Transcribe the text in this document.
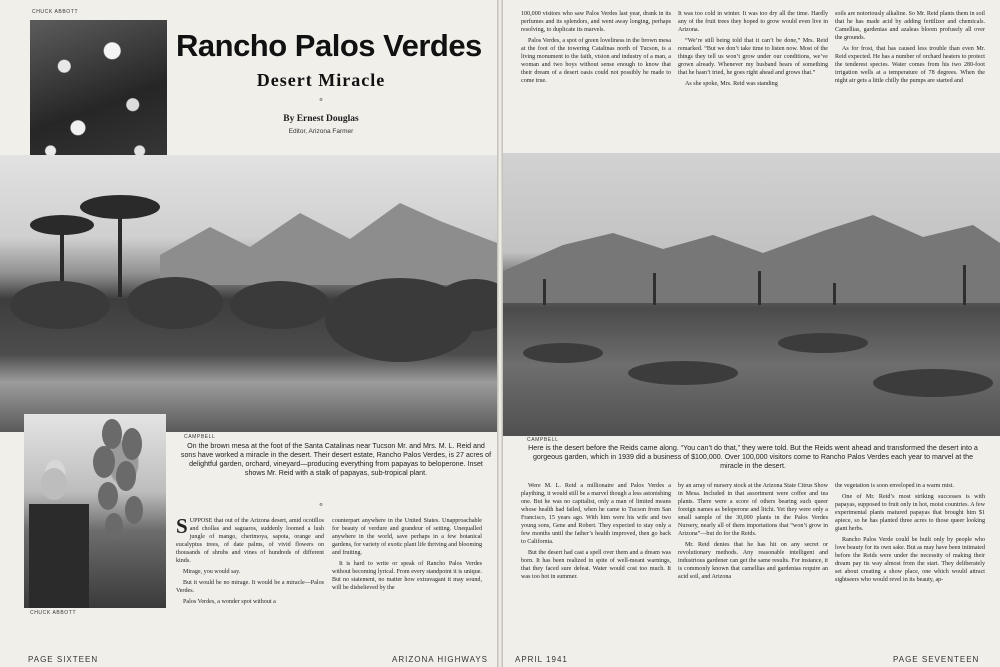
CHUCK ABBOTT
Rancho Palos Verdes
Desert Miracle
o
By Ernest Douglas
Editor, Arizona Farmer
CAMPBELL
CHUCK ABBOTT
On the brown mesa at the foot of the Santa Catalinas near Tucson Mr. and Mrs. M. L. Reid and sons have worked a miracle in the desert. Their desert estate, Rancho Palos Verdes, is 27 acres of delightful garden, orchard, vineyard—producing everything from papayas to beloperone. Inset shows Mr. Reid with a stalk of papayas, sub-tropical plant.
o

SUPPOSE that out of the Arizona desert, amid ocotillos and chollas and saguaros, suddenly loomed a lush jungle of mango, cherimoya, sapota, orange and eucalyptus trees, of date palms, of vivid flowers on thousands of shrubs and vines of hundreds of different kinds.

Mirage, you would say.

But it would be no mirage. It would be a miracle—Palos Verdes.

Palos Verdes, a wonder spot without a

counterpart anywhere in the United States. Unapproachable for beauty of verdure and grandeur of setting. Unequalled anywhere in the world, save perhaps in a few botanical gardens, for variety of exotic plant life thriving and blooming and fruiting.

It is hard to write or speak of Rancho Palos Verdes without becoming lyrical. From every standpoint it is unique. But no statement, no matter how extravagant it may sound, will be disbelieved by the

PAGE SIXTEEN	ARIZONA HIGHWAYS

100,000 visitors who saw Palos Verdes last year, drank in its perfumes and its splendors, and went away longing, perhaps resolving, to duplicate its marvels.

Palos Verdes, a spot of green loveliness in the brown mesa at the foot of the towering Catalinas north of Tucson, is a living monument to the faith, vision and industry of a man, a woman and two boys without sense enough to know that their dream of a desert oasis could not possibly be made to come true.

It was too cold in winter. It was too dry all the time. Hardly any of the fruit trees they hoped to grow would even live in Arizona.

“We’re still being told that it can’t be done,” Mrs. Reid remarked. “But we don’t take time to listen now. Most of the things they tell us won’t grow under our conditions, we’ve grown already. Whenever my husband hears of something that he hasn’t tried, he goes right ahead and grows that.”

As she spoke, Mrs. Reid was standing

soils are notoriously alkaline. So Mr. Reid plants them in soil that he has made acid by adding fertilizer and chemicals. Camellias, gardenias and azaleas bloom profusely all over the grounds.

As for frost, that has caused less trouble than even Mr. Reid expected. He has a number of orchard heaters to protect the tenderest species. Water comes from his two 280-foot irrigation wells at a temperature of 78 degrees. When the night air gets a little chilly the pumps are started and

CAMPBELL
Here is the desert before the Reids came along. “You can’t do that,” they were told. But the Reids went ahead and transformed the desert into a gorgeous garden, which in 1939 did a business of $100,000. Over 100,000 visitors come to Rancho Palos Verdes each year to marvel at the miracle in the desert.

Were M. L. Reid a millionaire and Palos Verdes a plaything, it would still be a marvel though a less astonishing one. But he was no capitalist, only a man of limited means whose health had failed, when he came to Tucson from San Francisco, 15 years ago. With him were his wife and two young sons, Gene and Robert. They expected to stay only a few months until the father’s health improved, then go back to California.

But the desert had cast a spell over them and a dream was born. It has been realized in spite of well-meant warnings, that they faced sure defeat. Water would cost too much. It was too hot in summer.

by an array of nursery stock at the Arizona State Citrus Show in Mesa. Included in that assortment were coffee and tea plants. There were a score of others bearing such queer foreign names as beloperone and litchi. Yet they were only a small sample of the 30,000 plants in the Palos Verdes Nursery, nearly all of them importations that “won’t grow in Arizona”—but do for the Reids.

Mr. Reid denies that he has hit on any secret or revolutionary methods. Any reasonable intelligent and industrious gardener can get the same results. For instance, it is commonly known that camellias and gardenias require an acid soil, and Arizona

the vegetation is soon enveloped in a warm mist.

One of Mr. Reid’s most striking successes is with papayas, supposed to fruit only in hot, moist countries. A few experimental plants matured papayas that brought him $1 apiece, so he has planted three acres to those queer looking giant herbs.

Rancho Palos Verde could be built only by people who love beauty for its own sake. But as may have been intimated before the Reids were under the necessity of making their dream pay its way almost from the start. They deliberately set about creating a show place, one which would attract sightseers who would revel in its beauty, ap-

APRIL 1941	PAGE SEVENTEEN
